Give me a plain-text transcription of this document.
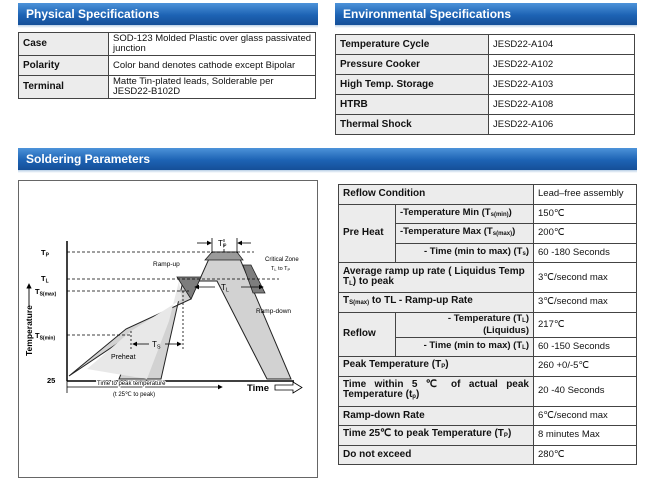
Physical Specifications	Environmental Specifications
Soldering Parameters
Case	SOD-123 Molded Plastic over glass passivated junction
Polarity	Color band denotes cathode except Bipolar
Terminal	Matte Tin-plated leads, Solderable per JESD22-B102D
Temperature Cycle	JESD22-A104
Pressure Cooker	JESD22-A102
High Temp. Storage	JESD22-A103
HTRB	JESD22-A108
Thermal Shock	JESD22-A106
TP
TL
TS
$T_P$
$T_L$
$T_{S(max)}$
$T_{S(min)}$
25
Temperature
Ramp-up
Ramp-down
Preheat
Critical Zone
TL to TP
Time to peak temperature
(t 25℃ to peak)
Time
Reflow Condition		Lead–free assembly
Pre Heat	-Temperature Min (Ts(min))	150℃
	-Temperature Max (Ts(max))	200℃
	- Time (min to max) (Ts)	60 -180 Seconds
Average ramp up rate ( Liquidus Temp TL) to peak		3℃/second max
TS(max) to TL - Ramp-up Rate		3℃/second max
Reflow	- Temperature (TL) (Liquidus)	217℃
	- Time (min to max) (TL)	60 -150 Seconds
Peak Temperature (TP)		260 +0/-5℃
Time within 5 ℃ of actual peak Temperature (tp)		20 -40 Seconds
Ramp-down Rate		6℃/second max
Time 25℃ to peak Temperature (TP)		8 minutes Max
Do not exceed		280℃
